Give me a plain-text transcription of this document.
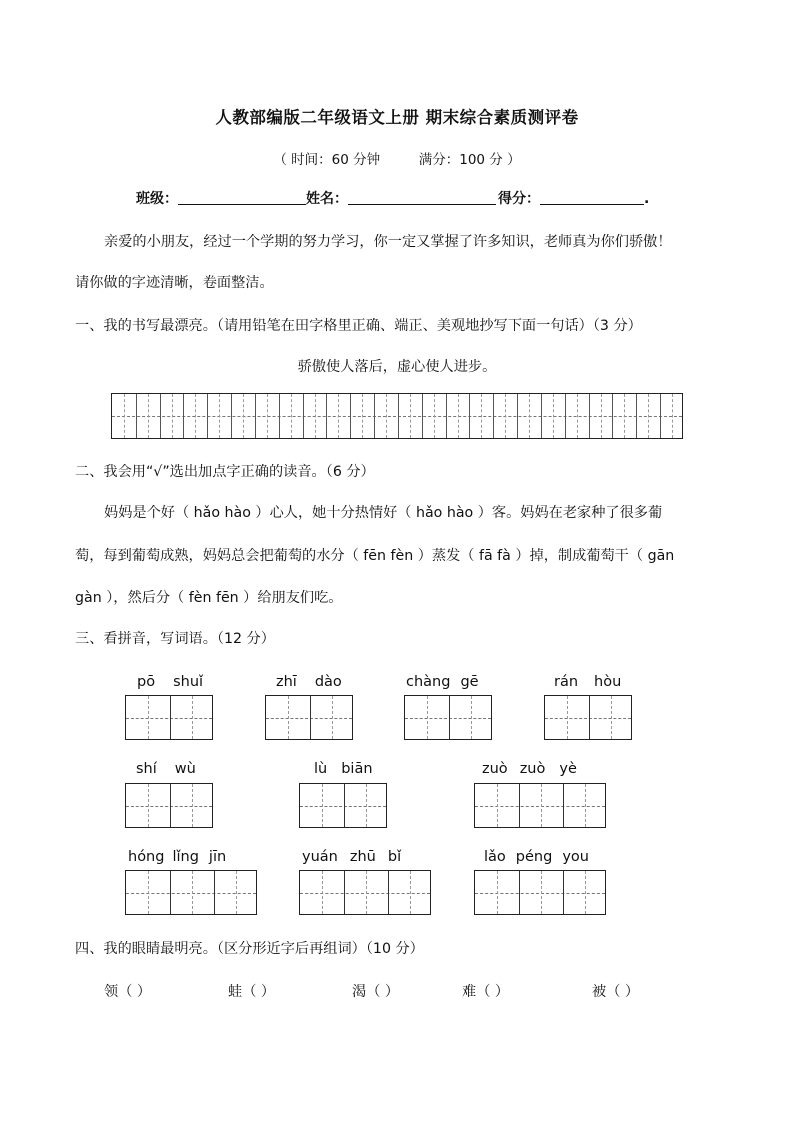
人教部编版二年级语文上册 期末综合素质测评卷
（ 时间：60 分钟	满分：100 分 ）
班级：	姓名：	得分：	.
亲爱的小朋友，经过一个学期的努力学习，你一定又掌握了许多知识，老师真为你们骄傲！
请你做的字迹清晰，卷面整洁。
一、我的书写最漂亮。（请用铅笔在田字格里正确、端正、美观地抄写下面一句话）（3 分）
骄傲使人落后，虚心使人进步。
二、我会用“√”选出加点字正确的读音。（6 分）
妈妈是个好（ hǎo hào ）心人，她十分热情好（ hǎo hào ）客。妈妈在老家种了很多葡
萄，每到葡萄成熟，妈妈总会把葡萄的水分（ fēn fèn ）蒸发（ fā fà ）掉，制成葡萄干（ gān
gàn ），然后分（ fèn fēn ）给朋友们吃。
三、看拼音，写词语。（12 分）
pō shuǐ	zhī dào	chàng gē	rán hòu
shí wù	lù biān	zuò zuò yè
hóng lǐng jīn	yuán zhū bǐ	lǎo péng you
四、我的眼睛最明亮。（区分形近字后再组词）（10 分）
领（ ）	蛙（ ）	渴（ ）	难（ ）	被（ ）
